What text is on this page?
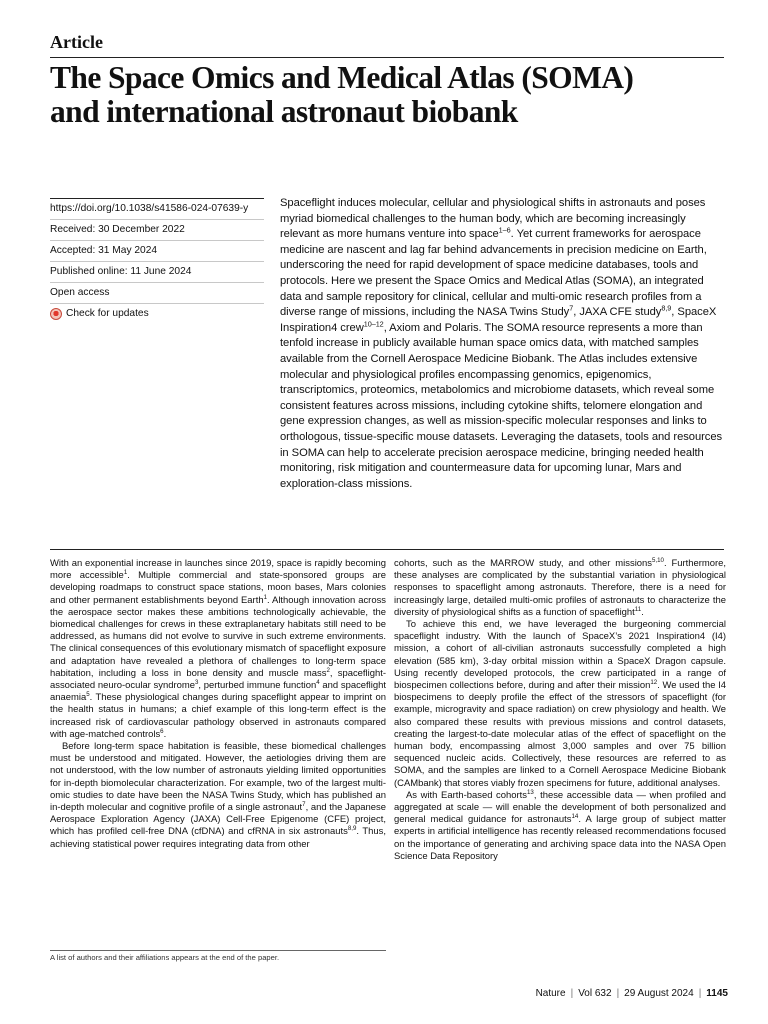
Article
The Space Omics and Medical Atlas (SOMA)
and international astronaut biobank
https://doi.org/10.1038/s41586-024-07639-y
Received: 30 December 2022
Accepted: 31 May 2024
Published online: 11 June 2024
Open access
Check for updates
Spaceflight induces molecular, cellular and physiological shifts in astronauts and poses myriad biomedical challenges to the human body, which are becoming increasingly relevant as more humans venture into space$^{1-6}$. Yet current frameworks for aerospace medicine are nascent and lag far behind advancements in precision medicine on Earth, underscoring the need for rapid development of space medicine databases, tools and protocols. Here we present the Space Omics and Medical Atlas (SOMA), an integrated data and sample repository for clinical, cellular and multi-omic research profiles from a diverse range of missions, including the NASA Twins Study$^7$, JAXA CFE study$^{8,9}$, SpaceX Inspiration4 crew$^{10-12}$, Axiom and Polaris. The SOMA resource represents a more than tenfold increase in publicly available human space omics data, with matched samples available from the Cornell Aerospace Medicine Biobank. The Atlas includes extensive molecular and physiological profiles encompassing genomics, epigenomics, transcriptomics, proteomics, metabolomics and microbiome datasets, which reveal some consistent features across missions, including cytokine shifts, telomere elongation and gene expression changes, as well as mission-specific molecular responses and links to orthologous, tissue-specific mouse datasets. Leveraging the datasets, tools and resources in SOMA can help to accelerate precision aerospace medicine, bringing needed health monitoring, risk mitigation and countermeasure data for upcoming lunar, Mars and exploration-class missions.

With an exponential increase in launches since 2019, space is rapidly becoming more accessible$^1$. Multiple commercial and state-sponsored groups are developing roadmaps to construct space stations, moon bases, Mars colonies and other permanent establishments beyond Earth$^1$. Although innovation across the aerospace sector makes these ambitions technologically achievable, the biomedical challenges for crews in these extraplanetary habitats still need to be addressed, as humans did not evolve to survive in such extreme environments. The clinical consequences of this evolutionary mismatch of spaceflight exposure and adaptation have revealed a plethora of challenges to long-term space habitation, including a loss in bone density and muscle mass$^2$, spaceflight-associated neuro-ocular syndrome$^3$, perturbed immune function$^4$ and spaceflight anaemia$^5$. These physiological changes during spaceflight appear to imprint on the health status in humans; a chief example of this long-term effect is the increased risk of cardiovascular pathology observed in astronauts compared with age-matched controls$^6$.

Before long-term space habitation is feasible, these biomedical challenges must be understood and mitigated. However, the aetiologies driving them are not understood, with the low number of astronauts yielding limited opportunities for in-depth biomolecular characterization. For example, two of the largest multi-omic studies to date have been the NASA Twins Study, which has published an in-depth molecular and cognitive profile of a single astronaut$^7$, and the Japanese Aerospace Exploration Agency (JAXA) Cell-Free Epigenome (CFE) project, which has profiled cell-free DNA (cfDNA) and cfRNA in six astronauts$^{8,9}$. Thus, achieving statistical power requires integrating data from other

cohorts, such as the MARROW study, and other missions$^{5,10}$. Furthermore, these analyses are complicated by the substantial variation in physiological responses to spaceflight among astronauts. Therefore, there is a need for increasingly large, detailed multi-omic profiles of astronauts to characterize the diversity of physiological shifts as a function of spaceflight$^{11}$.

To achieve this end, we have leveraged the burgeoning commercial spaceflight industry. With the launch of SpaceX’s 2021 Inspiration4 (I4) mission, a cohort of all-civilian astronauts successfully completed a high elevation (585 km), 3-day orbital mission within a SpaceX Dragon capsule. Using recently developed protocols, the crew participated in a range of biospecimen collections before, during and after their mission$^{12}$. We used the I4 biospecimens to deeply profile the effect of the stressors of spaceflight (for example, microgravity and space radiation) on crew physiology and health. We also compared these results with previous missions and control datasets, creating the largest-to-date molecular atlas of the effect of spaceflight on the human body, encompassing almost 3,000 samples and over 75 billion sequenced nucleic acids. Collectively, these resources are referred to as SOMA, and the samples are linked to a Cornell Aerospace Medicine Biobank (CAMbank) that stores viably frozen specimens for future, additional analyses.

As with Earth-based cohorts$^{13}$, these accessible data — when profiled and aggregated at scale — will enable the development of both personalized and general medical guidance for astronauts$^{14}$. A large group of subject matter experts in artificial intelligence has recently released recommendations focused on the importance of generating and archiving space data into the NASA Open Science Data Repository

A list of authors and their affiliations appears at the end of the paper.
Nature | Vol 632 | 29 August 2024 | 1145
